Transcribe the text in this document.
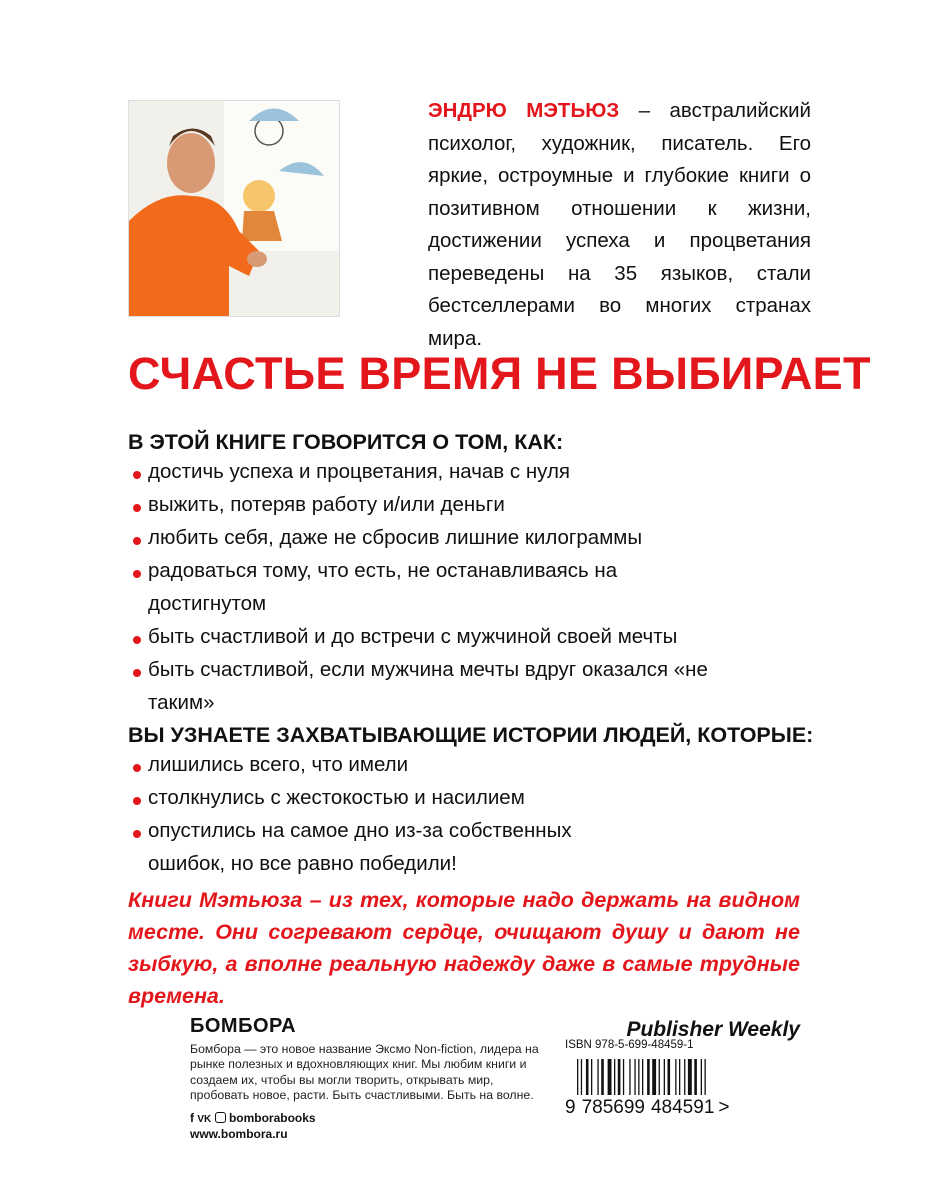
ЭНДРЮ МЭТЬЮЗ – австралийский психолог, художник, писатель. Его яркие, остроумные и глубокие книги о позитивном отношении к жизни, достижении успеха и процветания переведены на 35 языков, стали бестселлерами во многих странах мира.
СЧАСТЬЕ ВРЕМЯ НЕ ВЫБИРАЕТ
В ЭТОЙ КНИГЕ ГОВОРИТСЯ О ТОМ, КАК:
достичь успеха и процветания, начав с нуля
выжить, потеряв работу и/или деньги
любить себя, даже не сбросив лишние килограммы
радоваться тому, что есть, не останавливаясь на достигнутом
быть счастливой и до встречи с мужчиной своей мечты
быть счастливой, если мужчина мечты вдруг оказался «не таким»
ВЫ УЗНАЕТЕ ЗАХВАТЫВАЮЩИЕ ИСТОРИИ ЛЮДЕЙ, КОТОРЫЕ:
лишились всего, что имели
столкнулись с жестокостью и насилием
опустились на самое дно из-за собственных ошибок, но все равно победили!
Книги Мэтьюза – из тех, которые надо держать на видном месте. Они согревают сердце, очищают душу и дают не зыбкую, а вполне реальную надежду даже в самые трудные времена.
Publisher Weekly
БОМБОРА
Бомбора — это новое название Эксмо Non-fiction, лидера на рынке полезных и вдохновляющих книг. Мы любим книги и создаем их, чтобы вы могли творить, открывать мир, пробовать новое, расти. Быть счастливыми. Быть на волне.
f VK bomborabooks
www.bombora.ru
ISBN 978-5-699-48459-1
9 785699 484591 >
